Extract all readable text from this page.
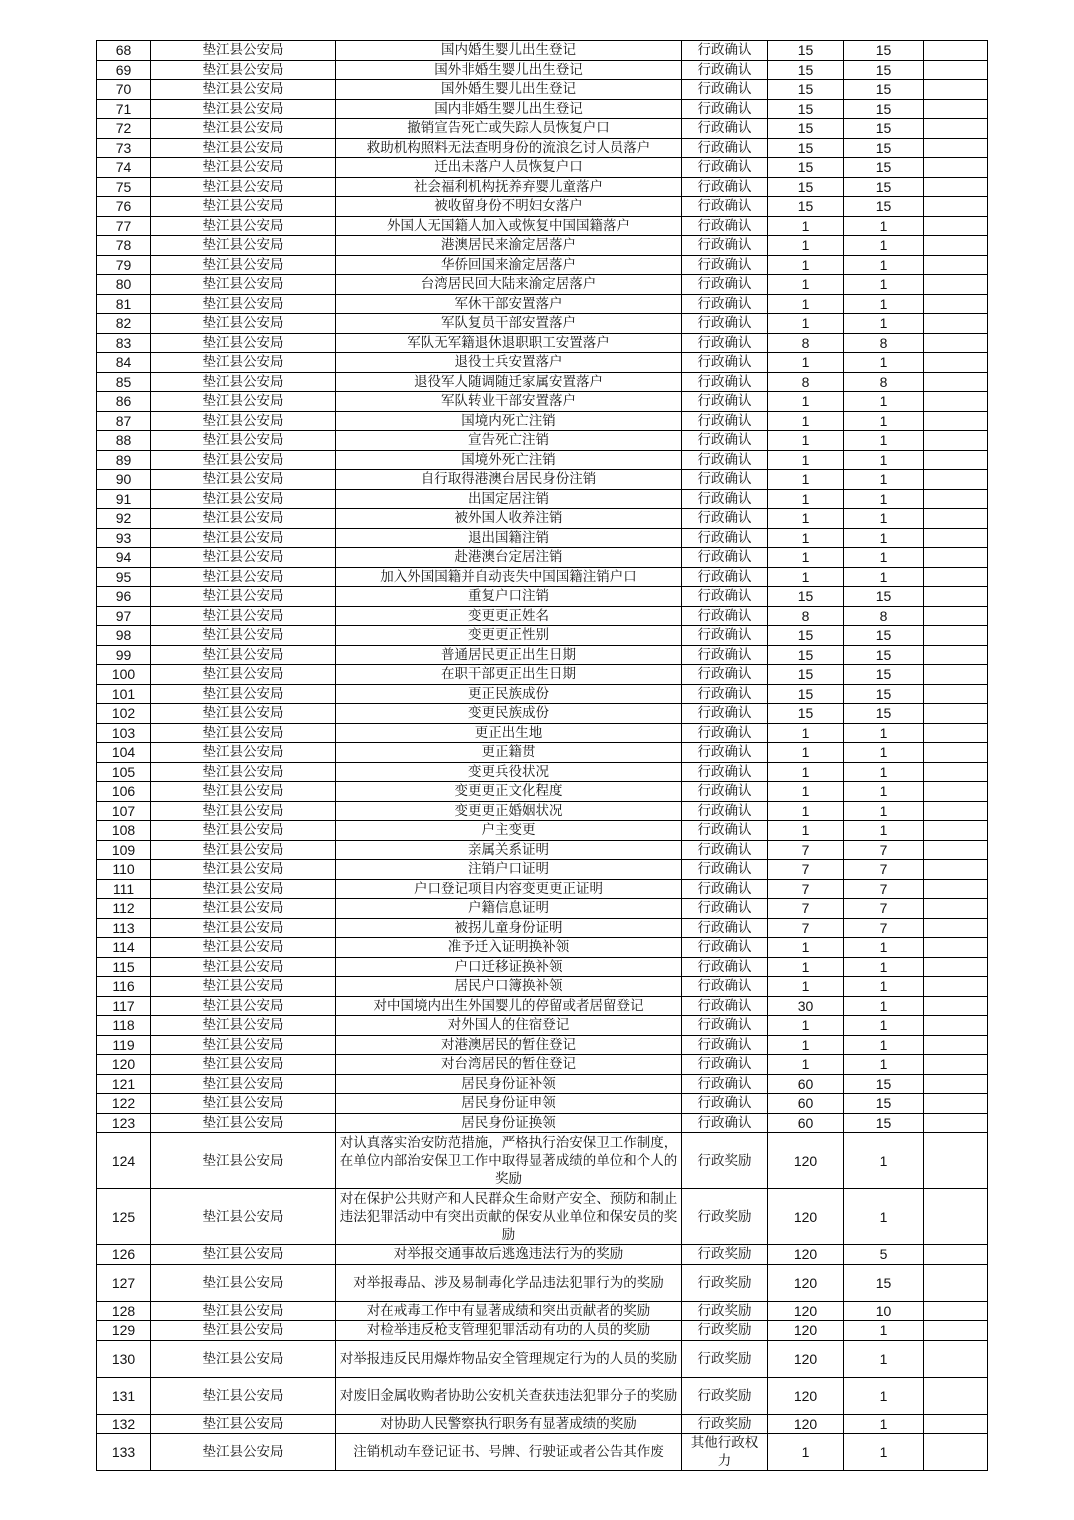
68	垫江县公安局	国内婚生婴儿出生登记	行政确认	15	15	
69	垫江县公安局	国外非婚生婴儿出生登记	行政确认	15	15	
70	垫江县公安局	国外婚生婴儿出生登记	行政确认	15	15	
71	垫江县公安局	国内非婚生婴儿出生登记	行政确认	15	15	
72	垫江县公安局	撤销宣告死亡或失踪人员恢复户口	行政确认	15	15	
73	垫江县公安局	救助机构照料无法查明身份的流浪乞讨人员落户	行政确认	15	15	
74	垫江县公安局	迁出未落户人员恢复户口	行政确认	15	15	
75	垫江县公安局	社会福利机构抚养弃婴儿童落户	行政确认	15	15	
76	垫江县公安局	被收留身份不明妇女落户	行政确认	15	15	
77	垫江县公安局	外国人无国籍人加入或恢复中国国籍落户	行政确认	1	1	
78	垫江县公安局	港澳居民来渝定居落户	行政确认	1	1	
79	垫江县公安局	华侨回国来渝定居落户	行政确认	1	1	
80	垫江县公安局	台湾居民回大陆来渝定居落户	行政确认	1	1	
81	垫江县公安局	军休干部安置落户	行政确认	1	1	
82	垫江县公安局	军队复员干部安置落户	行政确认	1	1	
83	垫江县公安局	军队无军籍退休退职职工安置落户	行政确认	8	8	
84	垫江县公安局	退役士兵安置落户	行政确认	1	1	
85	垫江县公安局	退役军人随调随迁家属安置落户	行政确认	8	8	
86	垫江县公安局	军队转业干部安置落户	行政确认	1	1	
87	垫江县公安局	国境内死亡注销	行政确认	1	1	
88	垫江县公安局	宣告死亡注销	行政确认	1	1	
89	垫江县公安局	国境外死亡注销	行政确认	1	1	
90	垫江县公安局	自行取得港澳台居民身份注销	行政确认	1	1	
91	垫江县公安局	出国定居注销	行政确认	1	1	
92	垫江县公安局	被外国人收养注销	行政确认	1	1	
93	垫江县公安局	退出国籍注销	行政确认	1	1	
94	垫江县公安局	赴港澳台定居注销	行政确认	1	1	
95	垫江县公安局	加入外国国籍并自动丧失中国国籍注销户口	行政确认	1	1	
96	垫江县公安局	重复户口注销	行政确认	15	15	
97	垫江县公安局	变更更正姓名	行政确认	8	8	
98	垫江县公安局	变更更正性别	行政确认	15	15	
99	垫江县公安局	普通居民更正出生日期	行政确认	15	15	
100	垫江县公安局	在职干部更正出生日期	行政确认	15	15	
101	垫江县公安局	更正民族成份	行政确认	15	15	
102	垫江县公安局	变更民族成份	行政确认	15	15	
103	垫江县公安局	更正出生地	行政确认	1	1	
104	垫江县公安局	更正籍贯	行政确认	1	1	
105	垫江县公安局	变更兵役状况	行政确认	1	1	
106	垫江县公安局	变更更正文化程度	行政确认	1	1	
107	垫江县公安局	变更更正婚姻状况	行政确认	1	1	
108	垫江县公安局	户主变更	行政确认	1	1	
109	垫江县公安局	亲属关系证明	行政确认	7	7	
110	垫江县公安局	注销户口证明	行政确认	7	7	
111	垫江县公安局	户口登记项目内容变更更正证明	行政确认	7	7	
112	垫江县公安局	户籍信息证明	行政确认	7	7	
113	垫江县公安局	被拐儿童身份证明	行政确认	7	7	
114	垫江县公安局	准予迁入证明换补领	行政确认	1	1	
115	垫江县公安局	户口迁移证换补领	行政确认	1	1	
116	垫江县公安局	居民户口簿换补领	行政确认	1	1	
117	垫江县公安局	对中国境内出生外国婴儿的停留或者居留登记	行政确认	30	1	
118	垫江县公安局	对外国人的住宿登记	行政确认	1	1	
119	垫江县公安局	对港澳居民的暂住登记	行政确认	1	1	
120	垫江县公安局	对台湾居民的暂住登记	行政确认	1	1	
121	垫江县公安局	居民身份证补领	行政确认	60	15	
122	垫江县公安局	居民身份证申领	行政确认	60	15	
123	垫江县公安局	居民身份证换领	行政确认	60	15	
124	垫江县公安局	对认真落实治安防范措施，严格执行治安保卫工作制度，在单位内部治安保卫工作中取得显著成绩的单位和个人的奖励	行政奖励	120	1	
125	垫江县公安局	对在保护公共财产和人民群众生命财产安全、预防和制止违法犯罪活动中有突出贡献的保安从业单位和保安员的奖励	行政奖励	120	1	
126	垫江县公安局	对举报交通事故后逃逸违法行为的奖励	行政奖励	120	5	
127	垫江县公安局	对举报毒品、涉及易制毒化学品违法犯罪行为的奖励	行政奖励	120	15	
128	垫江县公安局	对在戒毒工作中有显著成绩和突出贡献者的奖励	行政奖励	120	10	
129	垫江县公安局	对检举违反枪支管理犯罪活动有功的人员的奖励	行政奖励	120	1	
130	垫江县公安局	对举报违反民用爆炸物品安全管理规定行为的人员的奖励	行政奖励	120	1	
131	垫江县公安局	对废旧金属收购者协助公安机关查获违法犯罪分子的奖励	行政奖励	120	1	
132	垫江县公安局	对协助人民警察执行职务有显著成绩的奖励	行政奖励	120	1	
133	垫江县公安局	注销机动车登记证书、号牌、行驶证或者公告其作废	其他行政权力	1	1	
